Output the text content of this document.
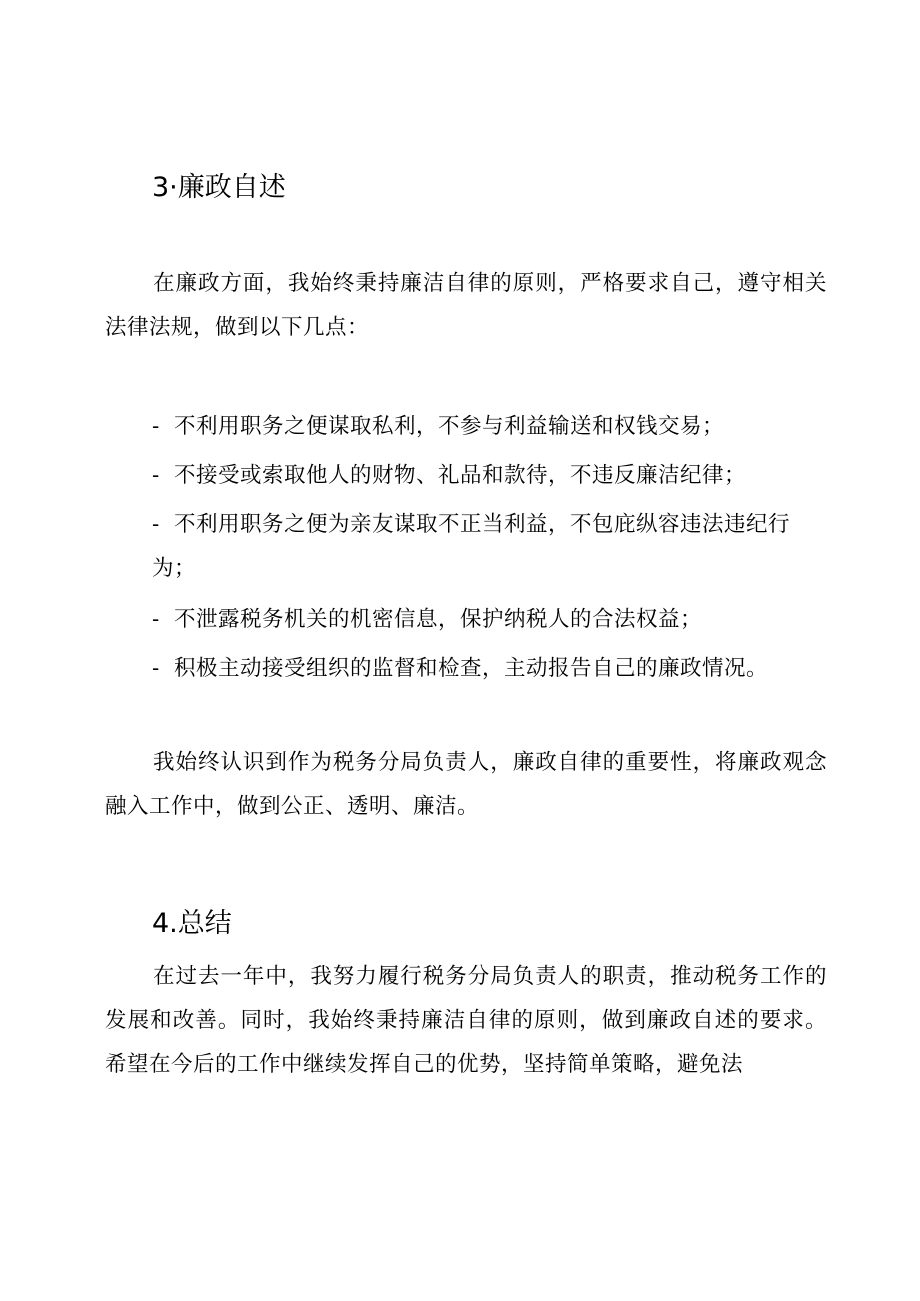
3·廉政自述

在廉政方面，我始终秉持廉洁自律的原则，严格要求自己，遵守相关法律法规，做到以下几点：

- 不利用职务之便谋取私利，不参与利益输送和权钱交易；

- 不接受或索取他人的财物、礼品和款待，不违反廉洁纪律；

- 不利用职务之便为亲友谋取不正当利益，不包庇纵容违法违纪行为；

- 不泄露税务机关的机密信息，保护纳税人的合法权益；

- 积极主动接受组织的监督和检查，主动报告自己的廉政情况。

我始终认识到作为税务分局负责人，廉政自律的重要性，将廉政观念融入工作中，做到公正、透明、廉洁。

4.总结

在过去一年中，我努力履行税务分局负责人的职责，推动税务工作的发展和改善。同时，我始终秉持廉洁自律的原则，做到廉政自述的要求。希望在今后的工作中继续发挥自己的优势，坚持简单策略，避免法
